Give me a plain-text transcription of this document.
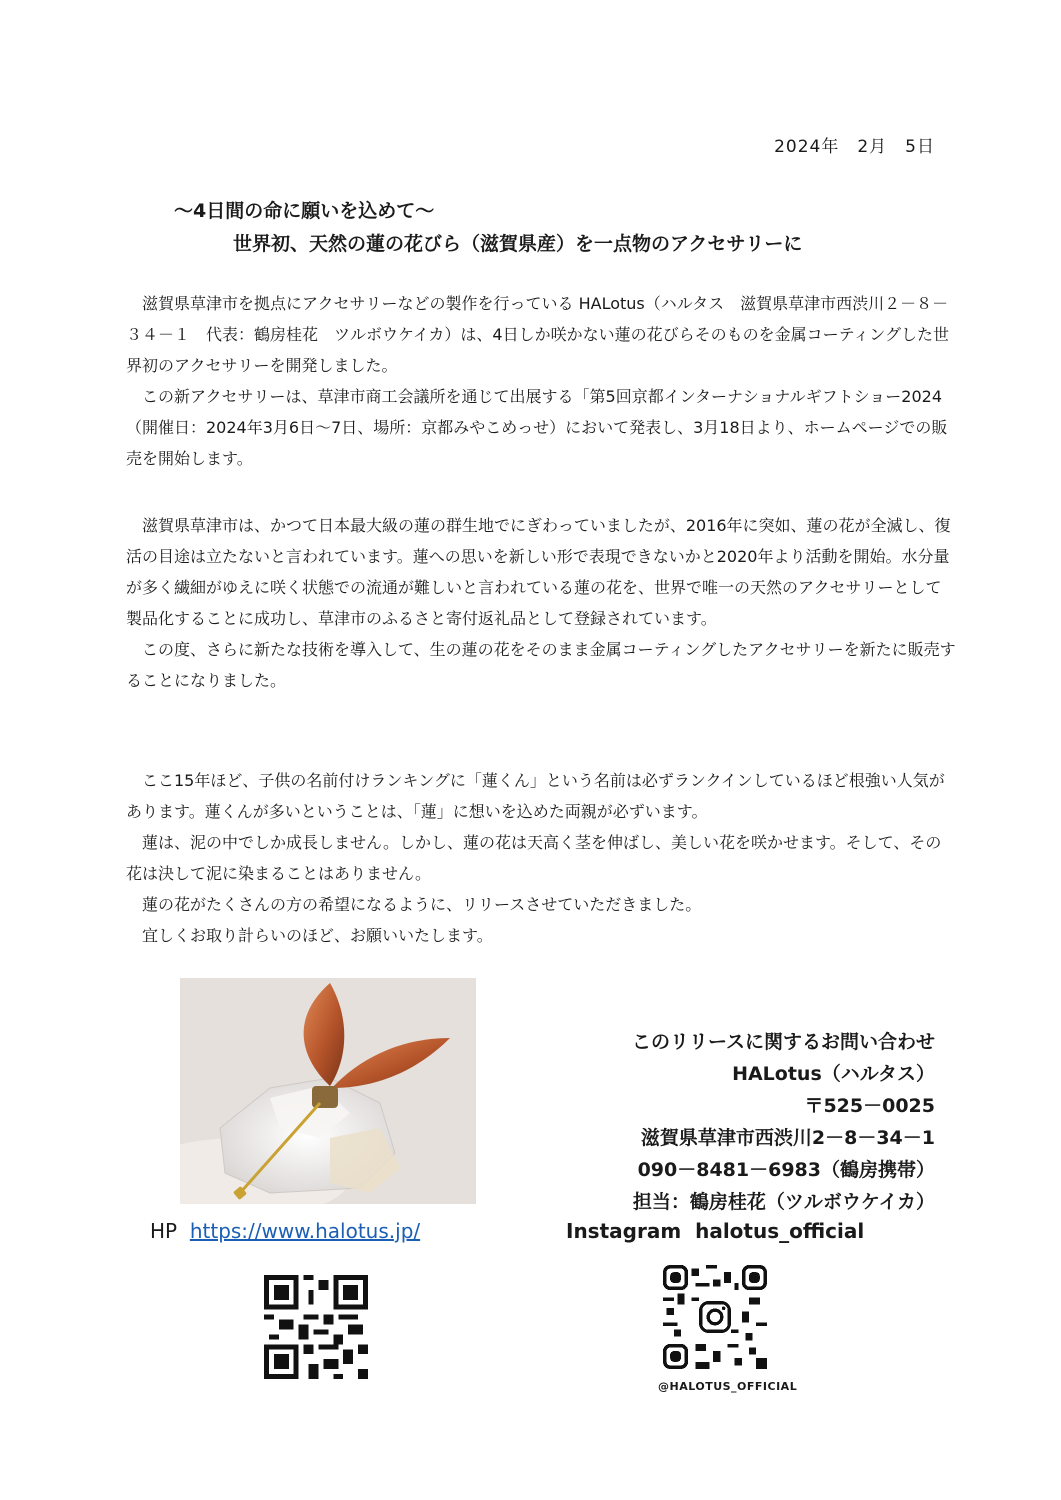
2024年　2月　5日
～4日間の命に願いを込めて～
世界初、天然の蓮の花びら（滋賀県産）を一点物のアクセサリーに

滋賀県草津市を拠点にアクセサリーなどの製作を行っている HALotus（ハルタス　滋賀県草津市西渋川２－８－３４－１　代表：鶴房桂花　ツルボウケイカ）は、4日しか咲かない蓮の花びらそのものを金属コーティングした世界初のアクセサリーを開発しました。

この新アクセサリーは、草津市商工会議所を通じて出展する「第5回京都インターナショナルギフトショー2024（開催日：2024年3月6日～7日、場所：京都みやこめっせ）において発表し、3月18日より、ホームページでの販売を開始します。

滋賀県草津市は、かつて日本最大級の蓮の群生地でにぎわっていましたが、2016年に突如、蓮の花が全滅し、復活の目途は立たないと言われています。蓮への思いを新しい形で表現できないかと2020年より活動を開始。水分量が多く繊細がゆえに咲く状態での流通が難しいと言われている蓮の花を、世界で唯一の天然のアクセサリーとして製品化することに成功し、草津市のふるさと寄付返礼品として登録されています。

この度、さらに新たな技術を導入して、生の蓮の花をそのまま金属コーティングしたアクセサリーを新たに販売することになりました。

ここ15年ほど、子供の名前付けランキングに「蓮くん」という名前は必ずランクインしているほど根強い人気があります。蓮くんが多いということは、「蓮」に想いを込めた両親が必ずいます。

蓮は、泥の中でしか成長しません。しかし、蓮の花は天高く茎を伸ばし、美しい花を咲かせます。そして、その花は決して泥に染まることはありません。

蓮の花がたくさんの方の希望になるように、リリースさせていただきました。

宜しくお取り計らいのほど、お願いいたします。

HP https://www.halotus.jp/
このリリースに関するお問い合わせ
HALotus（ハルタス）
〒525－0025
滋賀県草津市西渋川2－8－34－1
090－8481－6983（鶴房携帯）
担当：鶴房桂花（ツルボウケイカ）
Instagram halotus_official
@HALOTUS_OFFICIAL
